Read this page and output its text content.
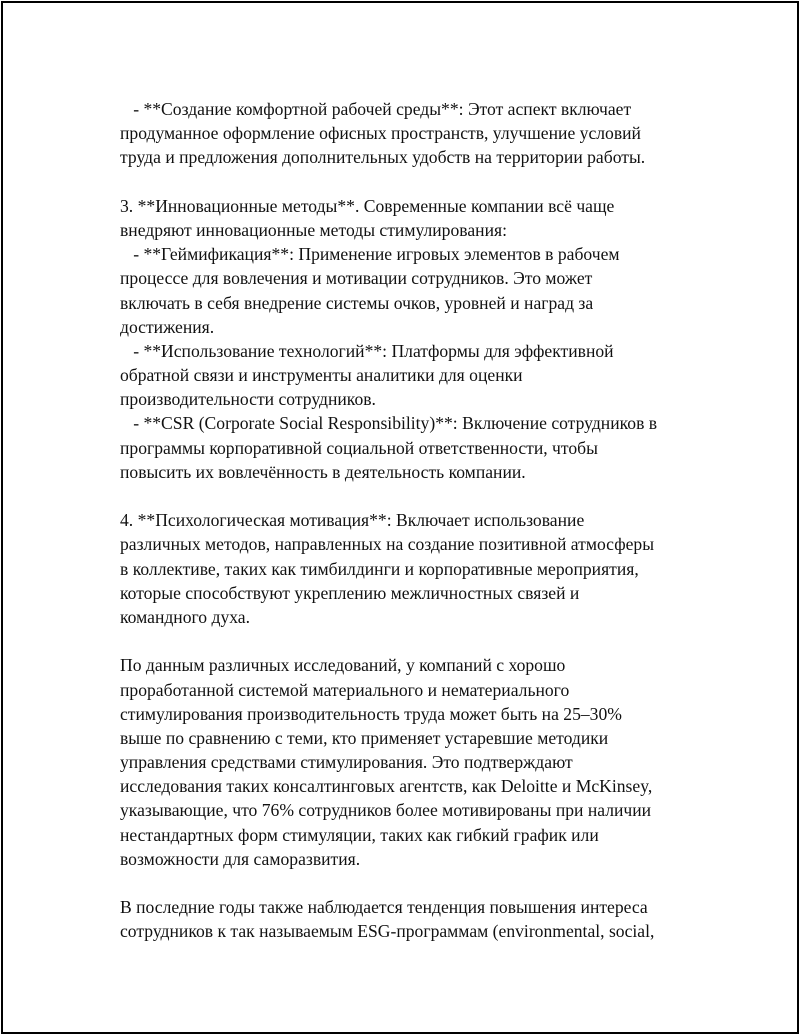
- **Создание комфортной рабочей среды**: Этот аспект включает
продуманное оформление офисных пространств, улучшение условий
труда и предложения дополнительных удобств на территории работы.
3. **Инновационные методы**. Современные компании всё чаще
внедряют инновационные методы стимулирования:
- **Геймификация**: Применение игровых элементов в рабочем
процессе для вовлечения и мотивации сотрудников. Это может
включать в себя внедрение системы очков, уровней и наград за
достижения.
- **Использование технологий**: Платформы для эффективной
обратной связи и инструменты аналитики для оценки
производительности сотрудников.
- **CSR (Corporate Social Responsibility)**: Включение сотрудников в
программы корпоративной социальной ответственности, чтобы
повысить их вовлечённость в деятельность компании.
4. **Психологическая мотивация**: Включает использование
различных методов, направленных на создание позитивной атмосферы
в коллективе, таких как тимбилдинги и корпоративные мероприятия,
которые способствуют укреплению межличностных связей и
командного духа.
По данным различных исследований, у компаний с хорошо
проработанной системой материального и нематериального
стимулирования производительность труда может быть на 25–30%
выше по сравнению с теми, кто применяет устаревшие методики
управления средствами стимулирования. Это подтверждают
исследования таких консалтинговых агентств, как Deloitte и McKinsey,
указывающие, что 76% сотрудников более мотивированы при наличии
нестандартных форм стимуляции, таких как гибкий график или
возможности для саморазвития.
В последние годы также наблюдается тенденция повышения интереса
сотрудников к так называемым ESG-программам (environmental, social,
